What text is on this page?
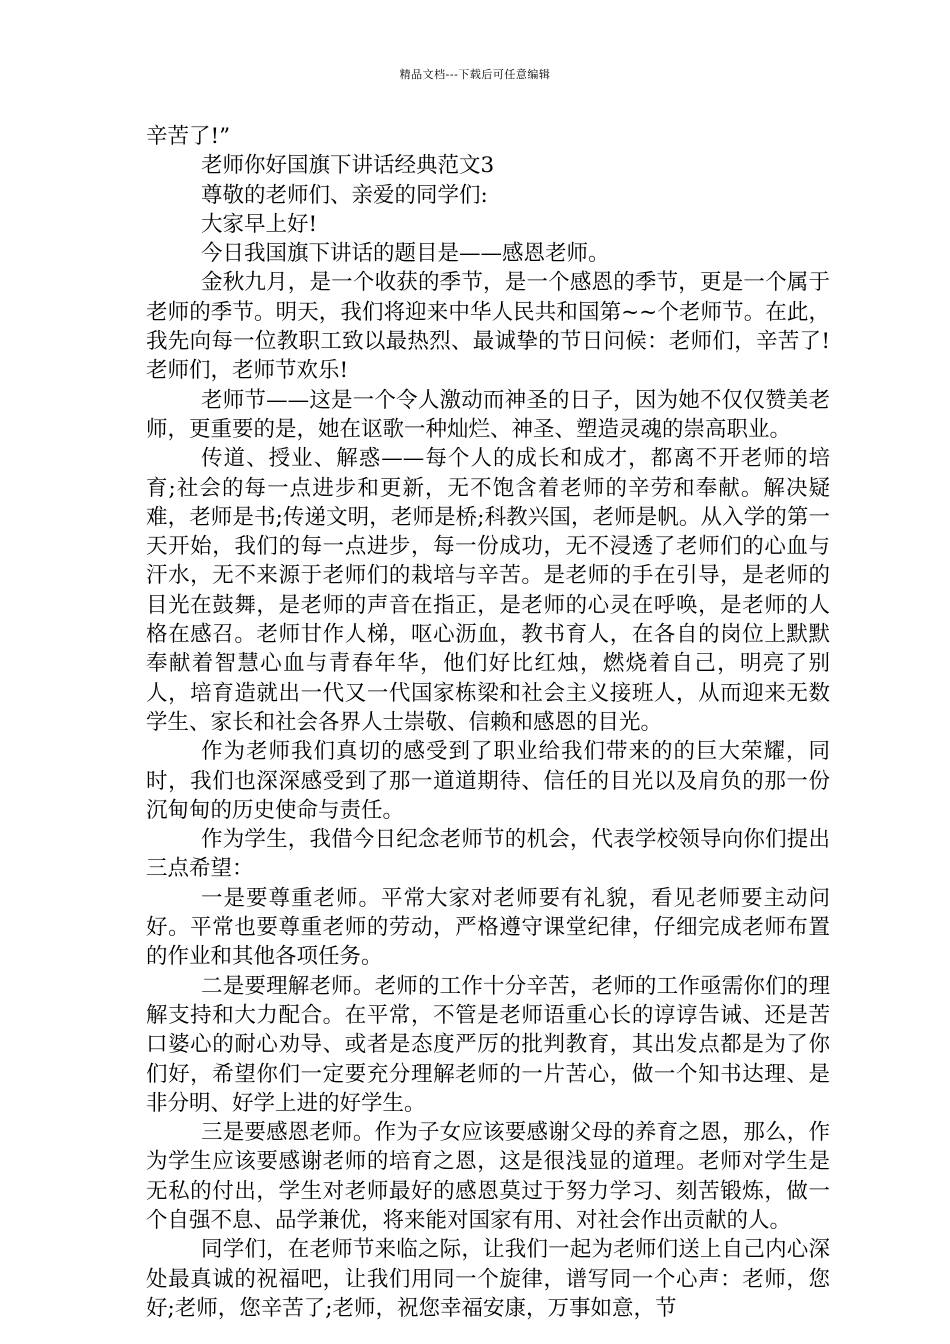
精品文档---下载后可任意编辑

辛苦了!”

老师你好国旗下讲话经典范文3

尊敬的老师们、亲爱的同学们:

大家早上好!

今日我国旗下讲话的题目是——感恩老师。

金秋九月，是一个收获的季节，是一个感恩的季节，更是一个属于老师的季节。明天，我们将迎来中华人民共和国第~~个老师节。在此，我先向每一位教职工致以最热烈、最诚挚的节日问候：老师们，辛苦了!老师们，老师节欢乐!

老师节——这是一个令人激动而神圣的日子，因为她不仅仅赞美老师，更重要的是，她在讴歌一种灿烂、神圣、塑造灵魂的崇高职业。

传道、授业、解惑——每个人的成长和成才，都离不开老师的培育;社会的每一点进步和更新，无不饱含着老师的辛劳和奉献。解决疑难，老师是书;传递文明，老师是桥;科教兴国，老师是帆。从入学的第一天开始，我们的每一点进步，每一份成功，无不浸透了老师们的心血与汗水，无不来源于老师们的栽培与辛苦。是老师的手在引导，是老师的目光在鼓舞，是老师的声音在指正，是老师的心灵在呼唤，是老师的人格在感召。老师甘作人梯，呕心沥血，教书育人，在各自的岗位上默默奉献着智慧心血与青春年华，他们好比红烛，燃烧着自己，明亮了别人，培育造就出一代又一代国家栋梁和社会主义接班人，从而迎来无数学生、家长和社会各界人士崇敬、信赖和感恩的目光。

作为老师我们真切的感受到了职业给我们带来的的巨大荣耀，同时，我们也深深感受到了那一道道期待、信任的目光以及肩负的那一份沉甸甸的历史使命与责任。

作为学生，我借今日纪念老师节的机会，代表学校领导向你们提出三点希望：

一是要尊重老师。平常大家对老师要有礼貌，看见老师要主动问好。平常也要尊重老师的劳动，严格遵守课堂纪律，仔细完成老师布置的作业和其他各项任务。

二是要理解老师。老师的工作十分辛苦，老师的工作亟需你们的理解支持和大力配合。在平常，不管是老师语重心长的谆谆告诫、还是苦口婆心的耐心劝导、或者是态度严厉的批判教育，其出发点都是为了你们好，希望你们一定要充分理解老师的一片苦心，做一个知书达理、是非分明、好学上进的好学生。

三是要感恩老师。作为子女应该要感谢父母的养育之恩，那么，作为学生应该要感谢老师的培育之恩，这是很浅显的道理。老师对学生是无私的付出，学生对老师最好的感恩莫过于努力学习、刻苦锻炼，做一个自强不息、品学兼优，将来能对国家有用、对社会作出贡献的人。

同学们，在老师节来临之际，让我们一起为老师们送上自己内心深处最真诚的祝福吧，让我们用同一个旋律，谱写同一个心声：老师，您好;老师，您辛苦了;老师，祝您幸福安康，万事如意，节
